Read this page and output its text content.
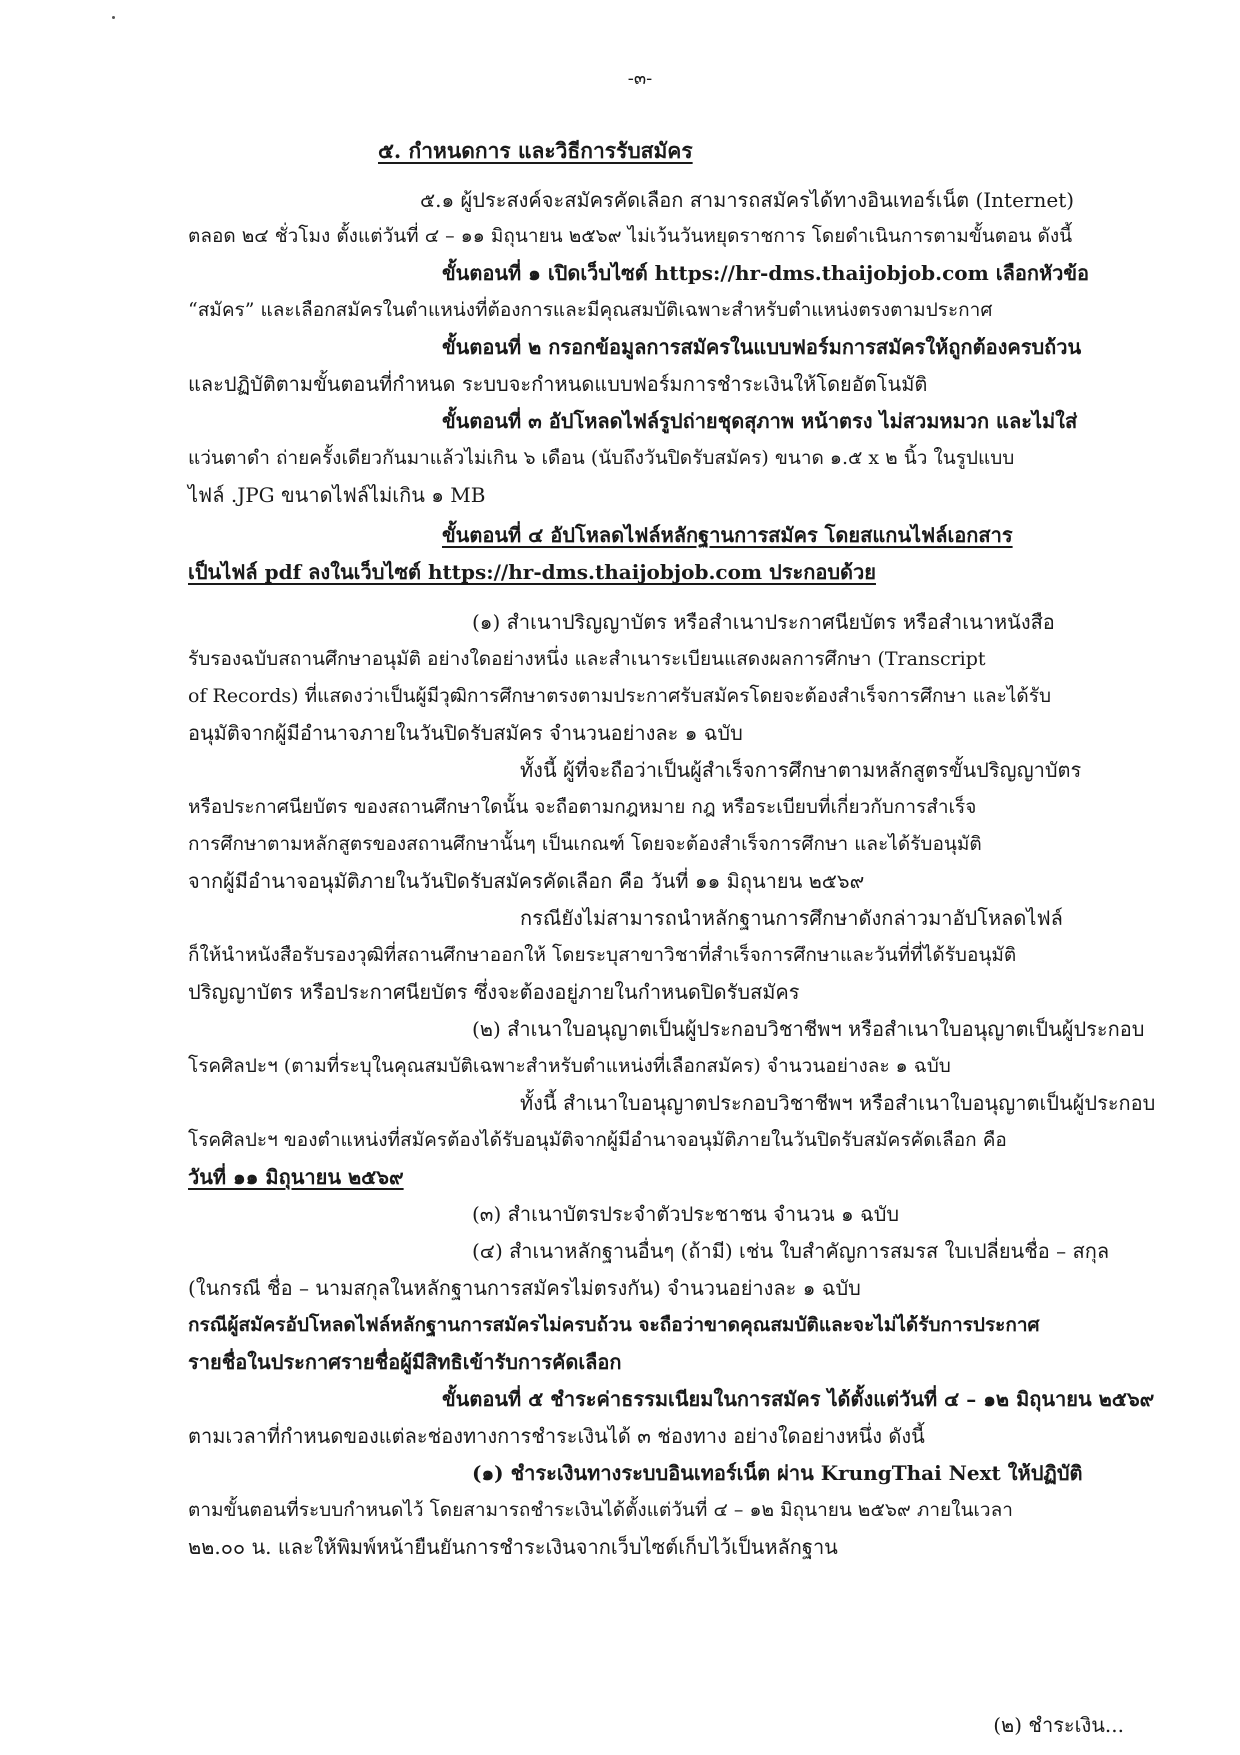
-๓-
๕. กำหนดการ และวิธีการรับสมัคร
๕.๑ ผู้ประสงค์จะสมัครคัดเลือก สามารถสมัครได้ทางอินเทอร์เน็ต (Internet)
ตลอด ๒๔ ชั่วโมง ตั้งแต่วันที่ ๔ – ๑๑ มิถุนายน ๒๕๖๙ ไม่เว้นวันหยุดราชการ โดยดำเนินการตามขั้นตอน ดังนี้
ขั้นตอนที่ ๑ เปิดเว็บไซต์ https://hr-dms.thaijobjob.com เลือกหัวข้อ
“สมัคร” และเลือกสมัครในตำแหน่งที่ต้องการและมีคุณสมบัติเฉพาะสำหรับตำแหน่งตรงตามประกาศ
ขั้นตอนที่ ๒ กรอกข้อมูลการสมัครในแบบฟอร์มการสมัครให้ถูกต้องครบถ้วน
และปฏิบัติตามขั้นตอนที่กำหนด ระบบจะกำหนดแบบฟอร์มการชำระเงินให้โดยอัตโนมัติ
ขั้นตอนที่ ๓ อัปโหลดไฟล์รูปถ่ายชุดสุภาพ หน้าตรง ไม่สวมหมวก และไม่ใส่
แว่นตาดำ ถ่ายครั้งเดียวกันมาแล้วไม่เกิน ๖ เดือน (นับถึงวันปิดรับสมัคร) ขนาด ๑.๕ x ๒ นิ้ว ในรูปแบบ
ไฟล์ .JPG ขนาดไฟล์ไม่เกิน ๑ MB
ขั้นตอนที่ ๔ อัปโหลดไฟล์หลักฐานการสมัคร โดยสแกนไฟล์เอกสาร
เป็นไฟล์ pdf ลงในเว็บไซต์ https://hr-dms.thaijobjob.com ประกอบด้วย
(๑) สำเนาปริญญาบัตร หรือสำเนาประกาศนียบัตร หรือสำเนาหนังสือ
รับรองฉบับสถานศึกษาอนุมัติ อย่างใดอย่างหนึ่ง และสำเนาระเบียนแสดงผลการศึกษา (Transcript
of Records) ที่แสดงว่าเป็นผู้มีวุฒิการศึกษาตรงตามประกาศรับสมัครโดยจะต้องสำเร็จการศึกษา และได้รับ
อนุมัติจากผู้มีอำนาจภายในวันปิดรับสมัคร จำนวนอย่างละ ๑ ฉบับ
ทั้งนี้ ผู้ที่จะถือว่าเป็นผู้สำเร็จการศึกษาตามหลักสูตรขั้นปริญญาบัตร
หรือประกาศนียบัตร ของสถานศึกษาใดนั้น จะถือตามกฎหมาย กฎ หรือระเบียบที่เกี่ยวกับการสำเร็จ
การศึกษาตามหลักสูตรของสถานศึกษานั้นๆ เป็นเกณฑ์ โดยจะต้องสำเร็จการศึกษา และได้รับอนุมัติ
จากผู้มีอำนาจอนุมัติภายในวันปิดรับสมัครคัดเลือก คือ วันที่ ๑๑ มิถุนายน ๒๕๖๙
กรณียังไม่สามารถนำหลักฐานการศึกษาดังกล่าวมาอัปโหลดไฟล์
ก็ให้นำหนังสือรับรองวุฒิที่สถานศึกษาออกให้ โดยระบุสาขาวิชาที่สำเร็จการศึกษาและวันที่ที่ได้รับอนุมัติ
ปริญญาบัตร หรือประกาศนียบัตร ซึ่งจะต้องอยู่ภายในกำหนดปิดรับสมัคร
(๒) สำเนาใบอนุญาตเป็นผู้ประกอบวิชาชีพฯ หรือสำเนาใบอนุญาตเป็นผู้ประกอบ
โรคศิลปะฯ (ตามที่ระบุในคุณสมบัติเฉพาะสำหรับตำแหน่งที่เลือกสมัคร) จำนวนอย่างละ ๑ ฉบับ
ทั้งนี้ สำเนาใบอนุญาตประกอบวิชาชีพฯ หรือสำเนาใบอนุญาตเป็นผู้ประกอบ
โรคศิลปะฯ ของตำแหน่งที่สมัครต้องได้รับอนุมัติจากผู้มีอำนาจอนุมัติภายในวันปิดรับสมัครคัดเลือก คือ
วันที่ ๑๑ มิถุนายน ๒๕๖๙
(๓) สำเนาบัตรประจำตัวประชาชน จำนวน ๑ ฉบับ
(๔) สำเนาหลักฐานอื่นๆ (ถ้ามี) เช่น ใบสำคัญการสมรส ใบเปลี่ยนชื่อ – สกุล
(ในกรณี ชื่อ – นามสกุลในหลักฐานการสมัครไม่ตรงกัน) จำนวนอย่างละ ๑ ฉบับ
กรณีผู้สมัครอัปโหลดไฟล์หลักฐานการสมัครไม่ครบถ้วน จะถือว่าขาดคุณสมบัติและจะไม่ได้รับการประกาศ
รายชื่อในประกาศรายชื่อผู้มีสิทธิเข้ารับการคัดเลือก
ขั้นตอนที่ ๕ ชำระค่าธรรมเนียมในการสมัคร ได้ตั้งแต่วันที่ ๔ – ๑๒ มิถุนายน ๒๕๖๙
ตามเวลาที่กำหนดของแต่ละช่องทางการชำระเงินได้ ๓ ช่องทาง อย่างใดอย่างหนึ่ง ดังนี้
(๑) ชำระเงินทางระบบอินเทอร์เน็ต ผ่าน KrungThai Next ให้ปฏิบัติ
ตามขั้นตอนที่ระบบกำหนดไว้ โดยสามารถชำระเงินได้ตั้งแต่วันที่ ๔ – ๑๒ มิถุนายน ๒๕๖๙ ภายในเวลา
๒๒.๐๐ น. และให้พิมพ์หน้ายืนยันการชำระเงินจากเว็บไซต์เก็บไว้เป็นหลักฐาน
(๒) ชำระเงิน...
